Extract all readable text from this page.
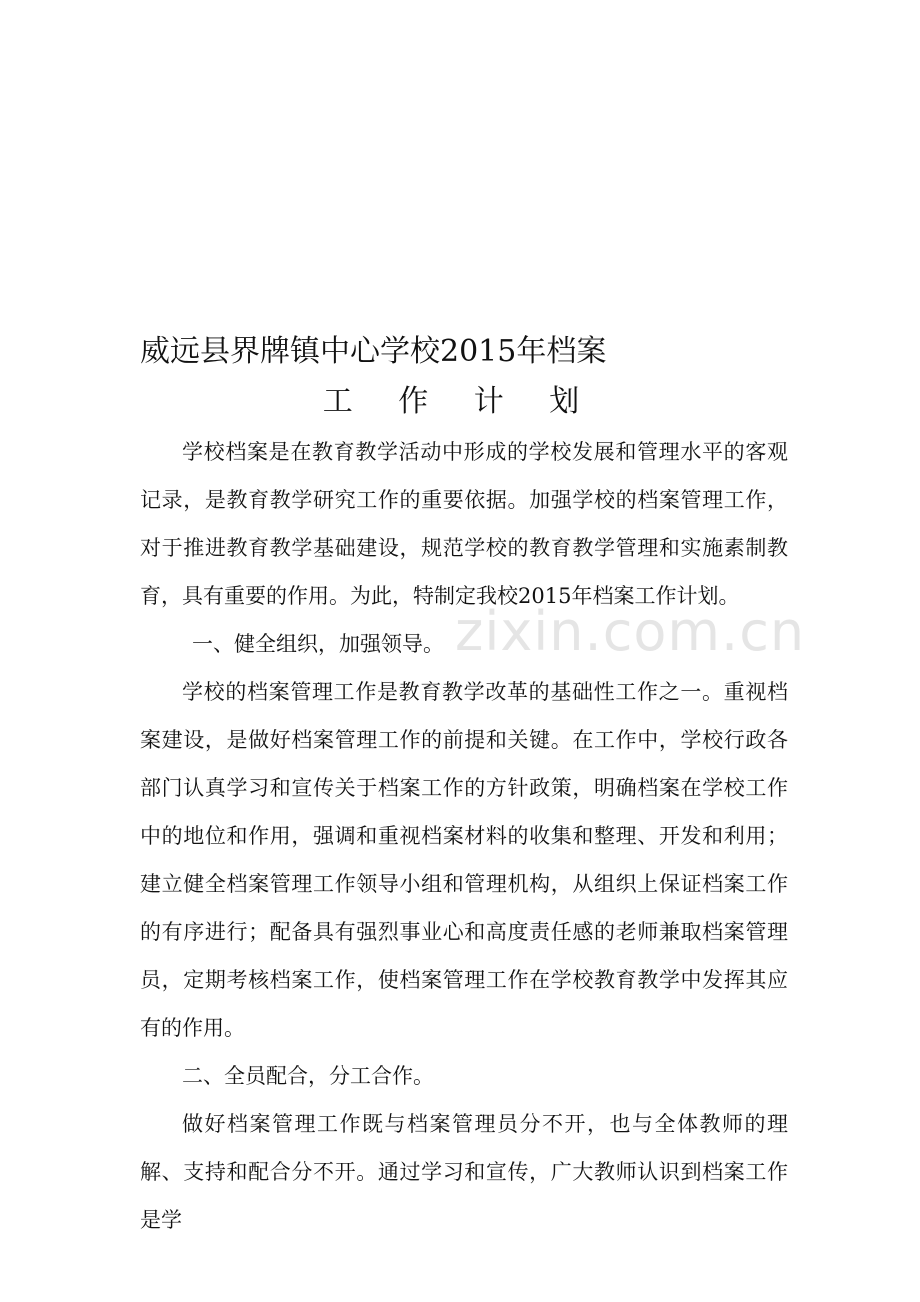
威远县界牌镇中心学校2015年档案
工 作 计 划

学校档案是在教育教学活动中形成的学校发展和管理水平的客观记录，是教育教学研究工作的重要依据。加强学校的档案管理工作，对于推进教育教学基础建设，规范学校的教育教学管理和实施素制教育，具有重要的作用。为此，特制定我校2015年档案工作计划。

一、健全组织，加强领导。

学校的档案管理工作是教育教学改革的基础性工作之一。重视档案建设，是做好档案管理工作的前提和关键。在工作中，学校行政各部门认真学习和宣传关于档案工作的方针政策，明确档案在学校工作中的地位和作用，强调和重视档案材料的收集和整理、开发和利用；建立健全档案管理工作领导小组和管理机构，从组织上保证档案工作的有序进行；配备具有强烈事业心和高度责任感的老师兼取档案管理员，定期考核档案工作，使档案管理工作在学校教育教学中发挥其应有的作用。

二、全员配合，分工合作。

做好档案管理工作既与档案管理员分不开，也与全体教师的理解、支持和配合分不开。通过学习和宣传，广大教师认识到档案工作是学

zixin.com.cn
